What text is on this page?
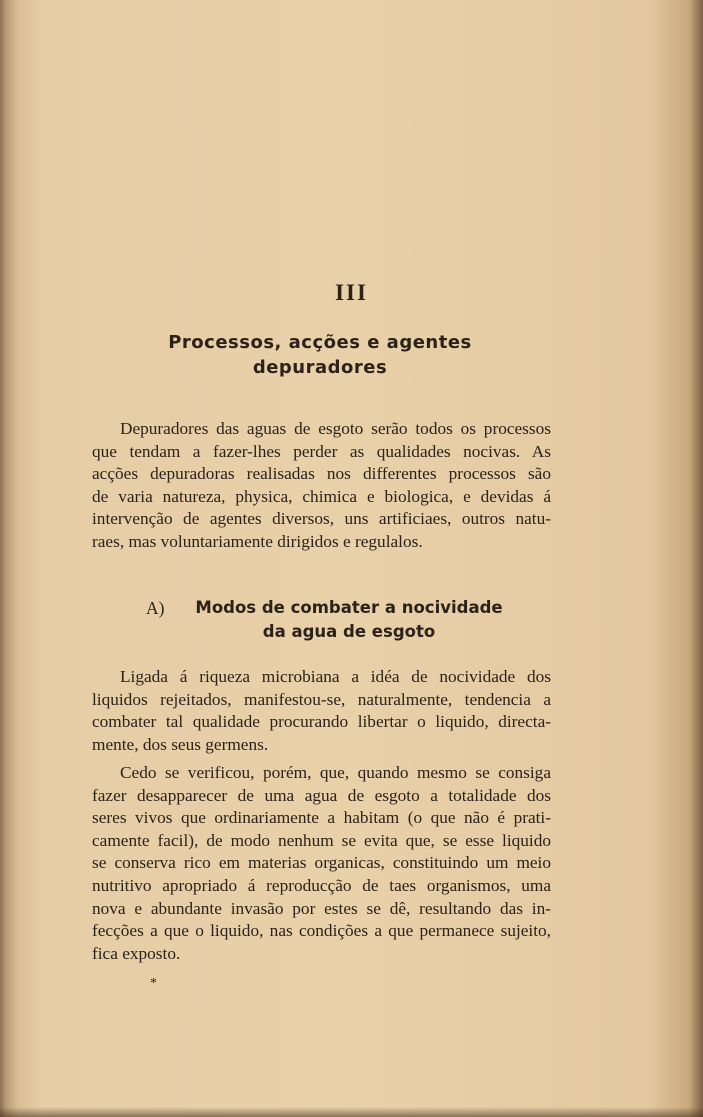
III
Processos, acções e agentes
depuradores
Depuradores das aguas de esgoto serão todos os processos
que tendam a fazer-lhes perder as qualidades nocivas. As
acções depuradoras realisadas nos differentes processos são
de varia natureza, physica, chimica e biologica, e devidas á
intervenção de agentes diversos, uns artificiaes, outros natu-
raes, mas voluntariamente dirigidos e regulalos.
A)	Modos de combater a nocividade
da agua de esgoto
Ligada á riqueza microbiana a idéa de nocividade dos
liquidos rejeitados, manifestou-se, naturalmente, tendencia a
combater tal qualidade procurando libertar o liquido, directa-
mente, dos seus germens.
Cedo se verificou, porém, que, quando mesmo se consiga
fazer desapparecer de uma agua de esgoto a totalidade dos
seres vivos que ordinariamente a habitam (o que não é prati-
camente facil), de modo nenhum se evita que, se esse liquido
se conserva rico em materias organicas, constituindo um meio
nutritivo apropriado á reproducção de taes organismos, uma
nova e abundante invasão por estes se dê, resultando das in-
fecções a que o liquido, nas condições a que permanece sujeito,
fica exposto.
*
